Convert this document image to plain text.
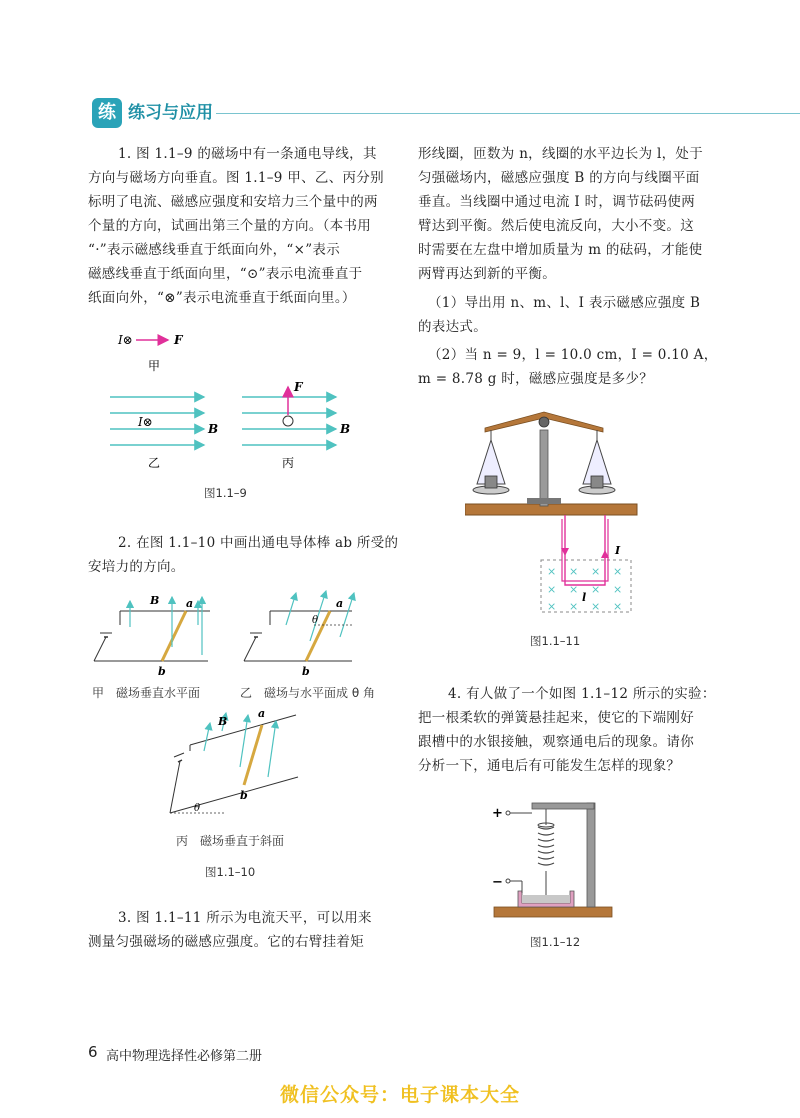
练 练习与应用
1. 图 1.1–9 的磁场中有一条通电导线，其
方向与磁场方向垂直。图 1.1–9 甲、乙、丙分别
标明了电流、磁感应强度和安培力三个量中的两
个量的方向，试画出第三个量的方向。（本书用
“·”表示磁感线垂直于纸面向外，“×”表示
磁感线垂直于纸面向里，“⊙”表示电流垂直于
纸面向外，“⊗”表示电流垂直于纸面向里。）
I⊗	F
甲
I⊗	B
乙
F
B
丙
图1.1–9
2. 在图 1.1–10 中画出通电导体棒 ab 所受的
安培力的方向。
B a
b
θ
a
b
B
a
b
θ
甲　磁场垂直水平面	乙　磁场与水平面成 θ 角
丙　磁场垂直于斜面
图1.1–10
3. 图 1.1–11 所示为电流天平，可以用来
测量匀强磁场的磁感应强度。它的右臂挂着矩
形线圈，匝数为 n，线圈的水平边长为 l，处于
匀强磁场内，磁感应强度 B 的方向与线圈平面
垂直。当线圈中通过电流 I 时，调节砝码使两
臂达到平衡。然后使电流反向，大小不变。这
时需要在左盘中增加质量为 m 的砝码，才能使
两臂再达到新的平衡。
（1）导出用 n、m、l、I 表示磁感应强度 B
的表达式。
（2）当 n = 9，l = 10.0 cm，I = 0.10 A，
m = 8.78 g 时，磁感应强度是多少？
× × × ×
× × × ×
× × × ×
I
l
图1.1–11
4. 有人做了一个如图 1.1–12 所示的实验：
把一根柔软的弹簧悬挂起来，使它的下端刚好
跟槽中的水银接触，观察通电后的现象。请你
分析一下，通电后有可能发生怎样的现象？
+
−
图1.1–12
6 高中物理选择性必修第二册
微信公众号：电子课本大全
